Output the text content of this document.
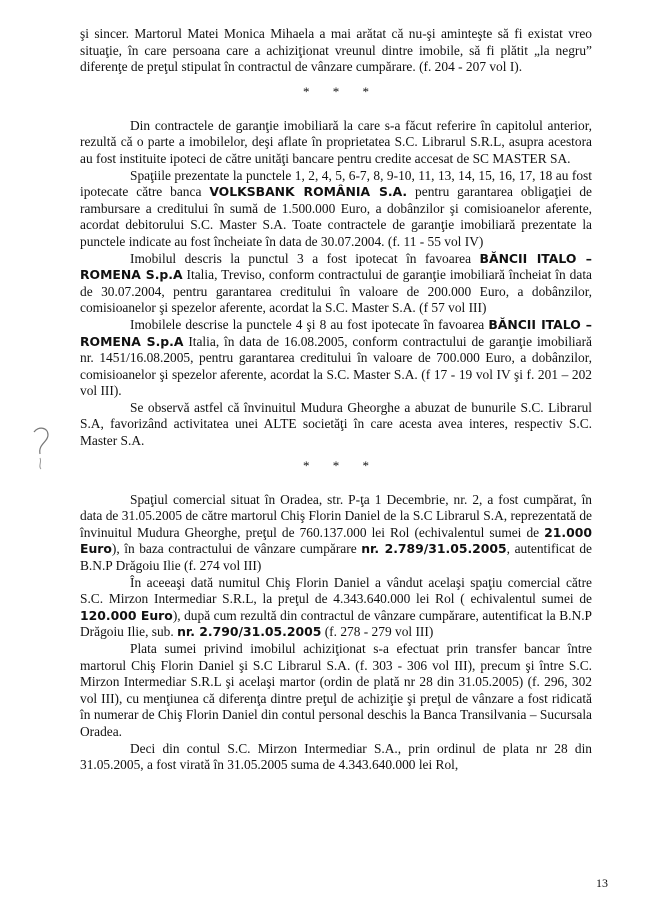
şi sincer. Martorul Matei Monica Mihaela a mai arătat că nu-şi aminteşte să fi existat vreo situaţie, în care persoana care a achiziţionat vreunul dintre imobile, să fi plătit „la negru” diferenţe de preţul stipulat în contractul de vânzare cumpărare. (f. 204 - 207 vol I).

* * *

Din contractele de garanţie imobiliară la care s-a făcut referire în capitolul anterior, rezultă că o parte a imobilelor, deşi aflate în proprietatea S.C. Librarul S.R.L, asupra acestora au fost instituite ipoteci de către unităţi bancare pentru credite accesat de SC MASTER SA.

Spaţiile prezentate la punctele 1, 2, 4, 5, 6-7, 8, 9-10, 11, 13, 14, 15, 16, 17, 18 au fost ipotecate către banca VOLKSBANK ROMÂNIA S.A. pentru garantarea obligaţiei de rambursare a creditului în sumă de 1.500.000 Euro, a dobânzilor şi comisioanelor aferente, acordat debitorului S.C. Master S.A. Toate contractele de garanţie imobiliară prezentate la punctele indicate au fost încheiate în data de 30.07.2004. (f. 11 - 55 vol IV)

Imobilul descris la punctul 3 a fost ipotecat în favoarea BĂNCII ITALO – ROMENA S.p.A Italia, Treviso, conform contractului de garanţie imobiliară încheiat în data de 30.07.2004, pentru garantarea creditului în valoare de 200.000 Euro, a dobânzilor, comisioanelor şi spezelor aferente, acordat la S.C. Master S.A. (f 57 vol III)

Imobilele descrise la punctele 4 şi 8 au fost ipotecate în favoarea BĂNCII ITALO – ROMENA S.p.A Italia, în data de 16.08.2005, conform contractului de garanţie imobiliară nr. 1451/16.08.2005, pentru garantarea creditului în valoare de 700.000 Euro, a dobânzilor, comisioanelor şi spezelor aferente, acordat la S.C. Master S.A. (f 17 - 19 vol IV şi f. 201 – 202 vol III).

Se observă astfel că învinuitul Mudura Gheorghe a abuzat de bunurile S.C. Librarul S.A, favorizând activitatea unei ALTE societăţi în care acesta avea interes, respectiv S.C. Master S.A.

* * *

Spaţiul comercial situat în Oradea, str. P-ţa 1 Decembrie, nr. 2, a fost cumpărat, în data de 31.05.2005 de către martorul Chiş Florin Daniel de la S.C Librarul S.A, reprezentată de învinuitul Mudura Gheorghe, preţul de 760.137.000 lei Rol (echivalentul sumei de 21.000 Euro), în baza contractului de vânzare cumpărare nr. 2.789/31.05.2005, autentificat de B.N.P Drăgoiu Ilie (f. 274 vol III)

În aceeaşi dată numitul Chiş Florin Daniel a vândut acelaşi spaţiu comercial către S.C. Mirzon Intermediar S.R.L, la preţul de 4.343.640.000 lei Rol ( echivalentul sumei de 120.000 Euro), după cum rezultă din contractul de vânzare cumpărare, autentificat la B.N.P Drăgoiu Ilie, sub. nr. 2.790/31.05.2005 (f. 278 - 279 vol III)

Plata sumei privind imobilul achiziţionat s-a efectuat prin transfer bancar între martorul Chiş Florin Daniel şi S.C Librarul S.A. (f. 303 - 306 vol III), precum şi între S.C. Mirzon Intermediar S.R.L şi acelaşi martor (ordin de plată nr 28 din 31.05.2005) (f. 296, 302 vol III), cu menţiunea că diferenţa dintre preţul de achiziţie şi preţul de vânzare a fost ridicată în numerar de Chiş Florin Daniel din contul personal deschis la Banca Transilvania – Sucursala Oradea.

Deci din contul S.C. Mirzon Intermediar S.A., prin ordinul de plata nr 28 din 31.05.2005, a fost virată în 31.05.2005 suma de 4.343.640.000 lei Rol,

13
